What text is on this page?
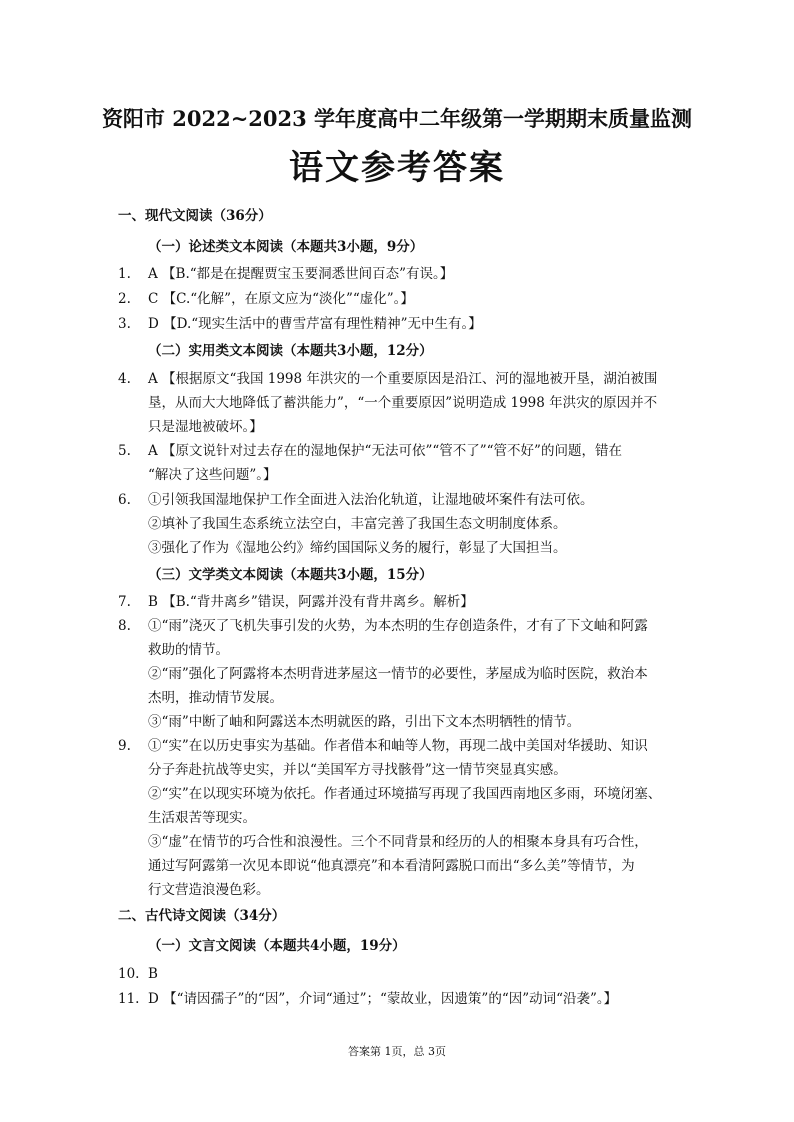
资阳市 2022~2023 学年度高中二年级第一学期期末质量监测
语文参考答案
一、现代文阅读（36分）
（一）论述类文本阅读（本题共3小题，9分）
1. A 【B.“都是在提醒贾宝玉要洞悉世间百态”有误。】
2. C 【C.“化解”，在原文应为“淡化”“虚化”。】
3. D 【D.“现实生活中的曹雪芹富有理性精神”无中生有。】
（二）实用类文本阅读（本题共3小题，12分）
4. A 【根据原文“我国 1998 年洪灾的一个重要原因是沿江、河的湿地被开垦，湖泊被围
垦，从而大大地降低了蓄洪能力”，“一个重要原因”说明造成 1998 年洪灾的原因并不
只是湿地被破坏。】
5. A 【原文说针对过去存在的湿地保护“无法可依”“管不了”“管不好”的问题，错在
“解决了这些问题”。】
6. ①引领我国湿地保护工作全面进入法治化轨道，让湿地破坏案件有法可依。
②填补了我国生态系统立法空白，丰富完善了我国生态文明制度体系。
③强化了作为《湿地公约》缔约国国际义务的履行，彰显了大国担当。
（三）文学类文本阅读（本题共3小题，15分）
7. B 【B.“背井离乡”错误，阿露并没有背井离乡。解析】
8. ①“雨”浇灭了飞机失事引发的火势，为本杰明的生存创造条件，才有了下文岫和阿露
救助的情节。
②“雨”强化了阿露将本杰明背进茅屋这一情节的必要性，茅屋成为临时医院，救治本
杰明，推动情节发展。
③“雨”中断了岫和阿露送本杰明就医的路，引出下文本杰明牺牲的情节。
9. ①“实”在以历史事实为基础。作者借本和岫等人物，再现二战中美国对华援助、知识
分子奔赴抗战等史实，并以“美国军方寻找骸骨”这一情节突显真实感。
②“实”在以现实环境为依托。作者通过环境描写再现了我国西南地区多雨，环境闭塞、
生活艰苦等现实。
③“虚”在情节的巧合性和浪漫性。三个不同背景和经历的人的相聚本身具有巧合性，
通过写阿露第一次见本即说“他真漂亮”和本看清阿露脱口而出“多么美”等情节，为
行文营造浪漫色彩。
二、古代诗文阅读（34分）
（一）文言文阅读（本题共4小题，19分）
10. B
11. D 【“请因孺子”的“因”，介词“通过”；“蒙故业，因遗策”的“因”动词“沿袭”。】
答案第 1页，总 3页
